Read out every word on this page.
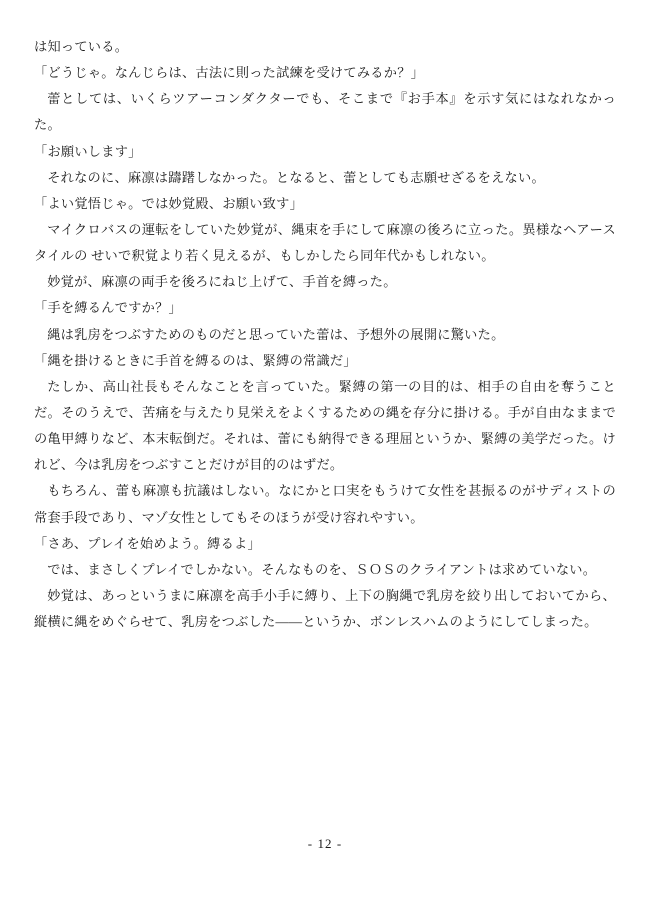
は知っている。

「どうじゃ。なんじらは、古法に則った試練を受けてみるか？」

蕾としては、いくらツアーコンダクターでも、そこまで『お手本』を示す気にはなれなかった。

「お願いします」

それなのに、麻凛は躊躇しなかった。となると、蕾としても志願せざるをえない。

「よい覚悟じゃ。では妙覚殿、お願い致す」

マイクロバスの運転をしていた妙覚が、縄束を手にして麻凛の後ろに立った。異様なヘアースタイルの せいで釈覚より若く見えるが、もしかしたら同年代かもしれない。

妙覚が、麻凛の両手を後ろにねじ上げて、手首を縛った。

「手を縛るんですか？」

縄は乳房をつぶすためのものだと思っていた蕾は、予想外の展開に驚いた。

「縄を掛けるときに手首を縛るのは、緊縛の常識だ」

たしか、高山社長もそんなことを言っていた。緊縛の第一の目的は、相手の自由を奪うことだ。そのうえで、苦痛を与えたり見栄えをよくするための縄を存分に掛ける。手が自由なままでの亀甲縛りなど、本末転倒だ。それは、蕾にも納得できる理屈というか、緊縛の美学だった。けれど、今は乳房をつぶすことだけが目的のはずだ。

もちろん、蕾も麻凛も抗議はしない。なにかと口実をもうけて女性を甚振るのがサディストの常套手段であり、マゾ女性としてもそのほうが受け容れやすい。

「さあ、プレイを始めよう。縛るよ」

では、まさしくプレイでしかない。そんなものを、ＳＯＳのクライアントは求めていない。

妙覚は、あっというまに麻凛を高手小手に縛り、上下の胸縄で乳房を絞り出しておいてから、縦横に縄をめぐらせて、乳房をつぶした――というか、ボンレスハムのようにしてしまった。

- 12 -
